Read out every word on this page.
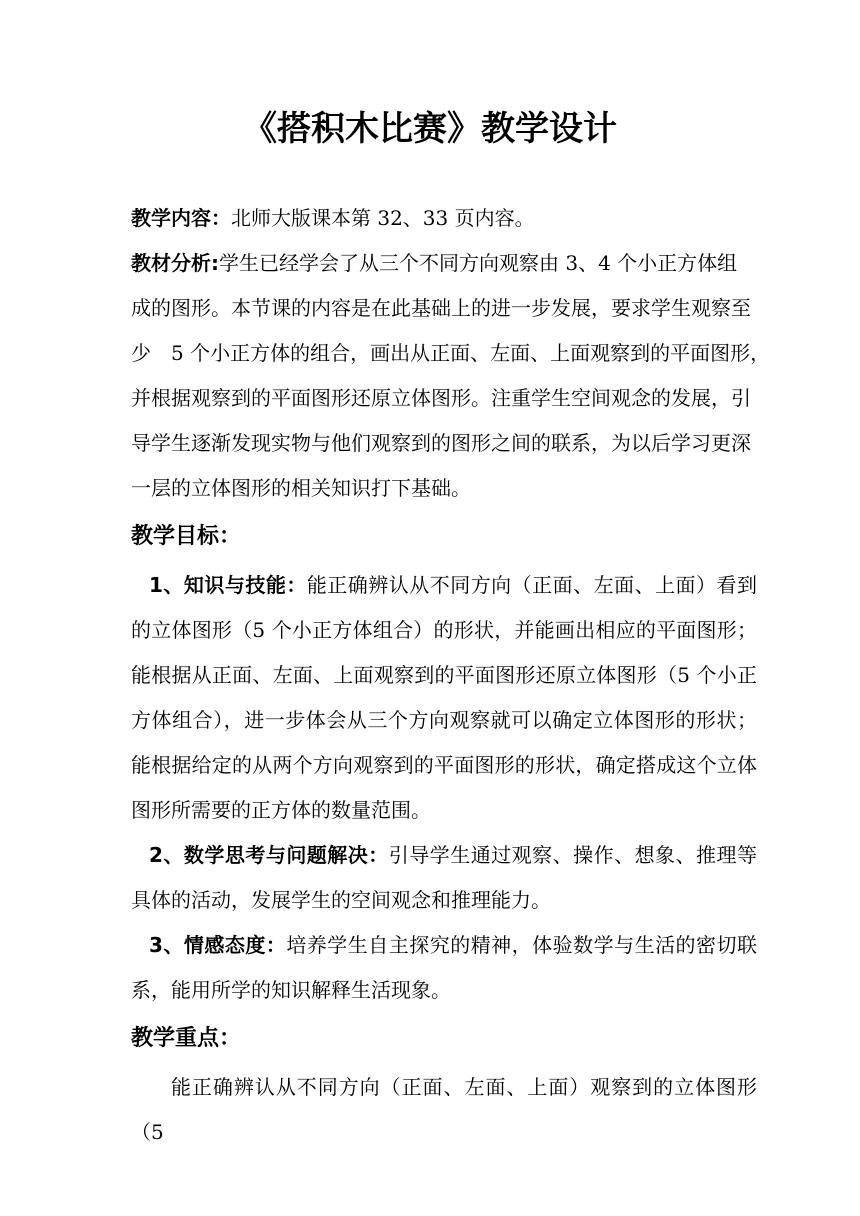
《搭积木比赛》教学设计

教学内容：北师大版课本第 32、33 页内容。

教材分析:学生已经学会了从三个不同方向观察由 3、4 个小正方体组
成的图形。本节课的内容是在此基础上的进一步发展，要求学生观察至
少　5 个小正方体的组合，画出从正面、左面、上面观察到的平面图形，
并根据观察到的平面图形还原立体图形。注重学生空间观念的发展，引
导学生逐渐发现实物与他们观察到的图形之间的联系，为以后学习更深
一层的立体图形的相关知识打下基础。

教学目标：

1、知识与技能：能正确辨认从不同方向（正面、左面、上面）看到的立体图形（5 个小正方体组合）的形状，并能画出相应的平面图形；能根据从正面、左面、上面观察到的平面图形还原立体图形（5 个小正方体组合），进一步体会从三个方向观察就可以确定立体图形的形状；能根据给定的从两个方向观察到的平面图形的形状，确定搭成这个立体图形所需要的正方体的数量范围。

2、数学思考与问题解决：引导学生通过观察、操作、想象、推理等具体的活动，发展学生的空间观念和推理能力。

3、情感态度：培养学生自主探究的精神，体验数学与生活的密切联系，能用所学的知识解释生活现象。

教学重点：

能正确辨认从不同方向（正面、左面、上面）观察到的立体图形（5
